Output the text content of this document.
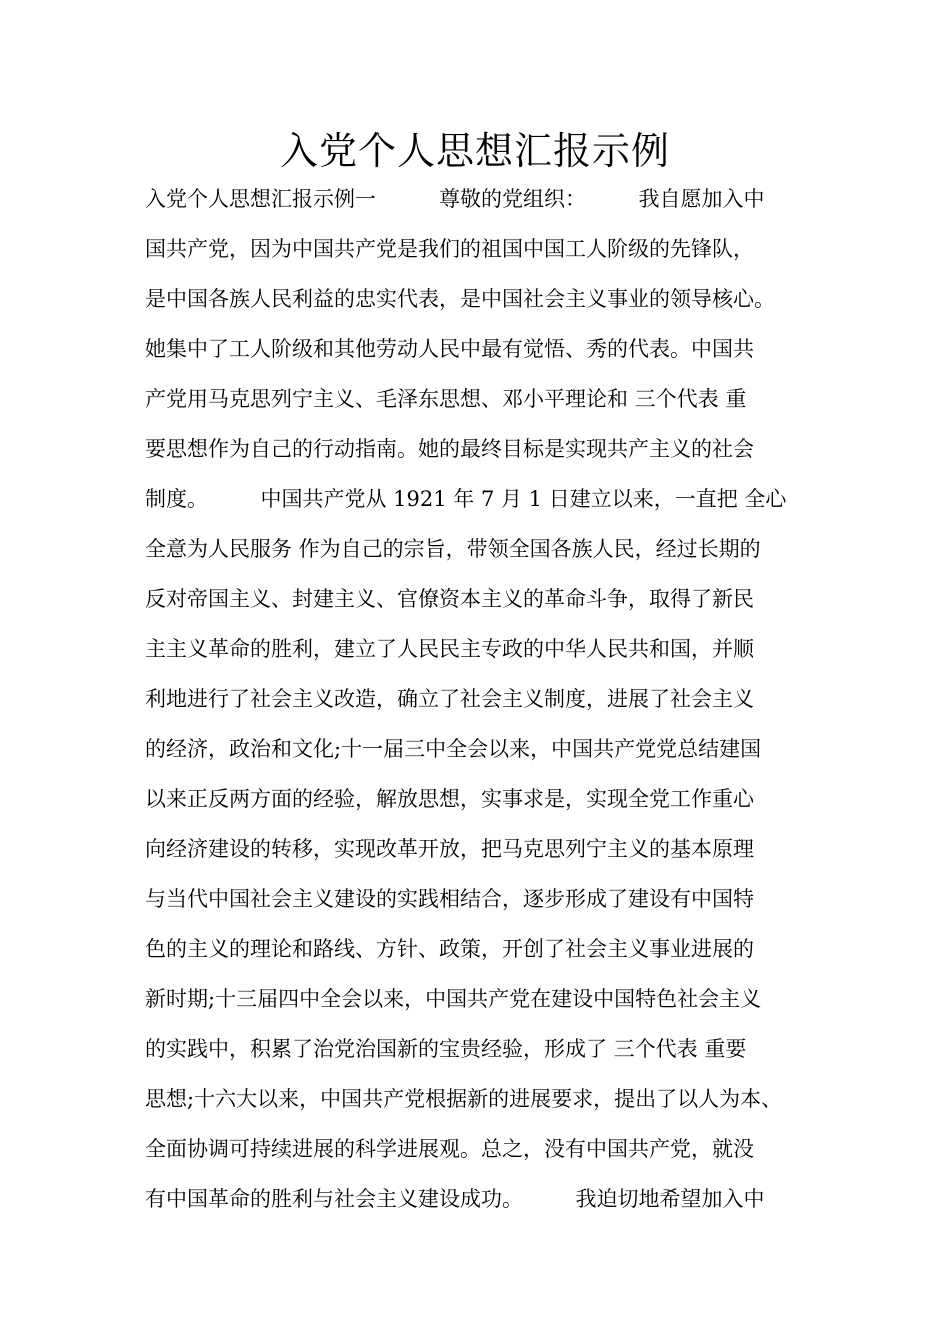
入党个人思想汇报示例
入党个人思想汇报示例一　　　尊敬的党组织：　　　我自愿加入中
国共产党，因为中国共产党是我们的祖国中国工人阶级的先锋队，
是中国各族人民利益的忠实代表，是中国社会主义事业的领导核心。
她集中了工人阶级和其他劳动人民中最有觉悟、秀的代表。中国共
产党用马克思列宁主义、毛泽东思想、邓小平理论和 三个代表 重
要思想作为自己的行动指南。她的最终目标是实现共产主义的社会
制度。　　　中国共产党从 1921 年 7 月 1 日建立以来，一直把 全心
全意为人民服务 作为自己的宗旨，带领全国各族人民，经过长期的
反对帝国主义、封建主义、官僚资本主义的革命斗争，取得了新民
主主义革命的胜利，建立了人民民主专政的中华人民共和国，并顺
利地进行了社会主义改造，确立了社会主义制度，进展了社会主义
的经济，政治和文化;十一届三中全会以来，中国共产党党总结建国
以来正反两方面的经验，解放思想，实事求是，实现全党工作重心
向经济建设的转移，实现改革开放，把马克思列宁主义的基本原理
与当代中国社会主义建设的实践相结合，逐步形成了建设有中国特
色的主义的理论和路线、方针、政策，开创了社会主义事业进展的
新时期;十三届四中全会以来，中国共产党在建设中国特色社会主义
的实践中，积累了治党治国新的宝贵经验，形成了 三个代表 重要
思想;十六大以来，中国共产党根据新的进展要求，提出了以人为本、
全面协调可持续进展的科学进展观。总之，没有中国共产党，就没
有中国革命的胜利与社会主义建设成功。　　　我迫切地希望加入中
